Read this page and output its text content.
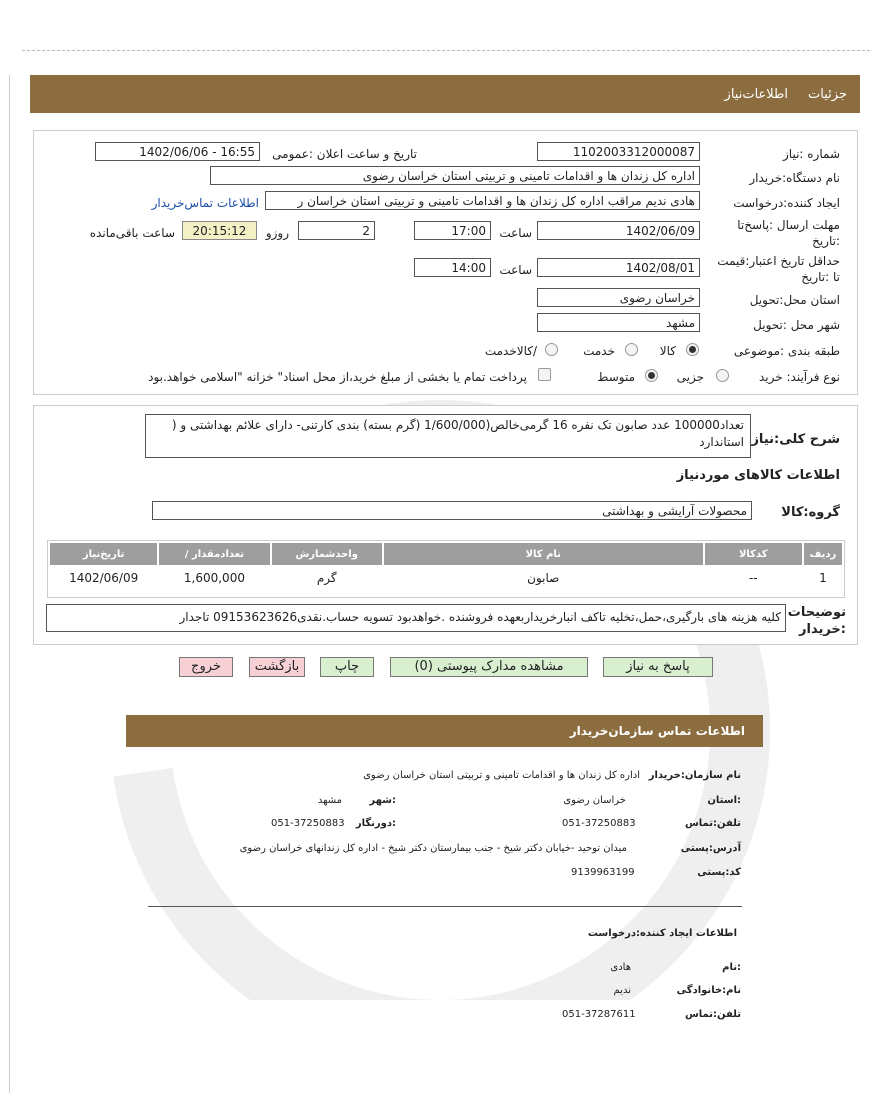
جزئیات
اطلاعات‌نیاز
شماره :نیاز
1102003312000087
تاریخ و ساعت اعلان :عمومی
1402/06/06 - 16:55
نام دستگاه:خریدار
اداره کل زندان ها و اقدامات تامینی و تربیتی استان خراسان رضوی
ایجاد کننده:درخواست
هادی ندیم مراقب اداره کل زندان ها و اقدامات تامینی و تربیتی استان خراسان ر
اطلاعات تماس‌خریدار
مهلت ارسال :پاسخ‌تا
:تاریخ
1402/06/09
ساعت
17:00
2
روزو
20:15:12
ساعت باقی‌مانده
حداقل تاریخ اعتبار:قیمت
تا :تاریخ
1402/08/01
ساعت
14:00
استان محل:تحویل
خراسان رضوی
شهر محل :تحویل
مشهد
طبقه بندی :موضوعی
کالا
خدمت
/کالاخدمت
نوع فرآیند: خرید
جزیی
متوسط
پرداخت تمام یا بخشی از مبلغ خرید،از محل اسناد" خزانه "اسلامی خواهد.بود
شرح کلی:نیاز
تعداد100000 عدد صابون تک نفره 16 گرمی‌خالص(1/600/000 (گرم بسته) بندی کارتنی- دارای علائم بهداشتی و ( استاندارد
اطلاعات کالاهای موردنیاز
گروه:کالا
محصولات آرایشی و بهداشتی
ردیف	کدکالا	نام کالا	واحدشمارش	تعدادمقدار /	تاریخ‌نیاز
1	--	صابون	گرم	1,600,000	1402/06/09
توضیحات
:خریدار
کلیه هزینه های بارگیری،حمل،تخلیه تاکف انبارخریداربعهده فروشنده .خواهدبود تسویه حساب.نقدی09153623626 تاجدار
پاسخ به نیاز
مشاهده مدارک پیوستی (0)
چاپ
بازگشت
خروج
اطلاعات تماس سازمان‌خریدار
نام سازمان:خریدار
اداره کل زندان ها و اقدامات تامینی و تربیتی استان خراسان رضوی
:استان
خراسان رضوی
:شهر
مشهد
تلفن:تماس
051-37250883
:دورنگار
051-37250883
آدرس:پستی
میدان توحید -خیابان دکتر شیخ - جنب بیمارستان دکتر شیخ - اداره کل زندانهای خراسان رضوی
کد:پستی
9139963199
اطلاعات ایجاد کننده:درخواست
:نام
هادی
نام:خانوادگی
ندیم
تلفن:تماس
051-37287611
